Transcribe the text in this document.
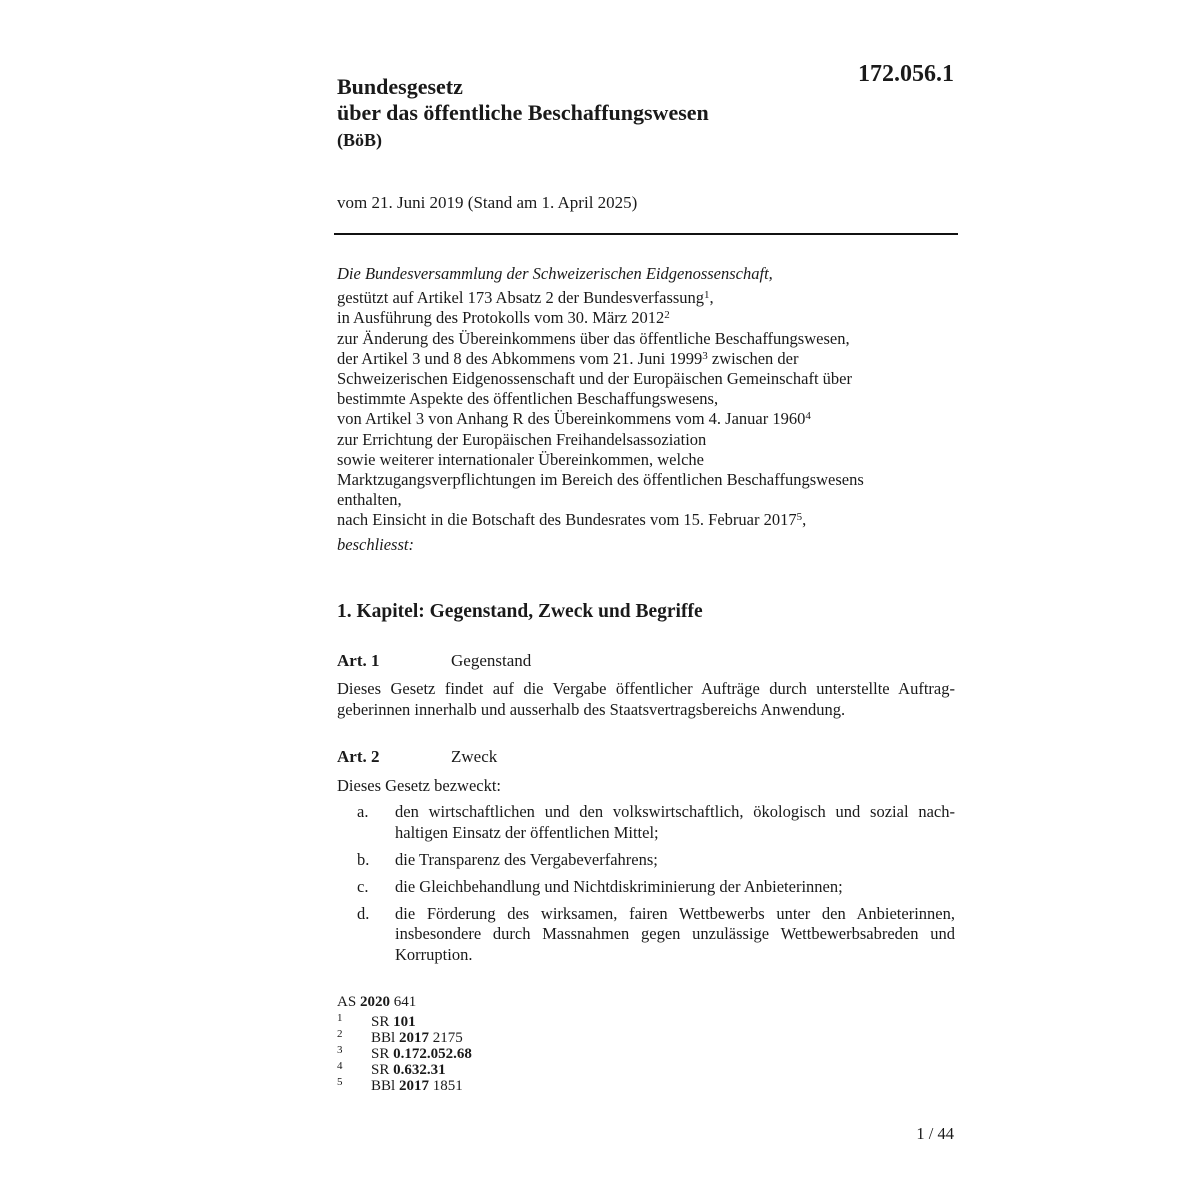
172.056.1
Bundesgesetz
über das öffentliche Beschaffungswesen
(BöB)
vom 21. Juni 2019 (Stand am 1. April 2025)
Die Bundesversammlung der Schweizerischen Eidgenossenschaft,
gestützt auf Artikel 173 Absatz 2 der Bundesverfassung$^1$,
in Ausführung des Protokolls vom 30. März 2012$^2$
zur Änderung des Übereinkommens über das öffentliche Beschaffungswesen,
der Artikel 3 und 8 des Abkommens vom 21. Juni 1999$^3$ zwischen der
Schweizerischen Eidgenossenschaft und der Europäischen Gemeinschaft über
bestimmte Aspekte des öffentlichen Beschaffungswesens,
von Artikel 3 von Anhang R des Übereinkommens vom 4. Januar 1960$^4$
zur Errichtung der Europäischen Freihandelsassoziation
sowie weiterer internationaler Übereinkommen, welche
Marktzugangsverpflichtungen im Bereich des öffentlichen Beschaffungswesens
enthalten,
nach Einsicht in die Botschaft des Bundesrates vom 15. Februar 2017$^5$,
beschliesst:
1. Kapitel: Gegenstand, Zweck und Begriffe
Art. 1	Gegenstand
Dieses Gesetz findet auf die Vergabe öffentlicher Aufträge durch unterstellte Auftraggeberinnen innerhalb und ausserhalb des Staatsvertragsbereichs Anwendung.
Art. 2	Zweck
Dieses Gesetz bezweckt:
a. den wirtschaftlichen und den volkswirtschaftlich, ökologisch und sozial nachhaltigen Einsatz der öffentlichen Mittel;
b. die Transparenz des Vergabeverfahrens;
c. die Gleichbehandlung und Nichtdiskriminierung der Anbieterinnen;
d. die Förderung des wirksamen, fairen Wettbewerbs unter den Anbieterinnen, insbesondere durch Massnahmen gegen unzulässige Wettbewerbsabreden und Korruption.
AS 2020 641
1 SR 101
2 BBl 2017 2175
3 SR 0.172.052.68
4 SR 0.632.31
5 BBl 2017 1851
1 / 44
